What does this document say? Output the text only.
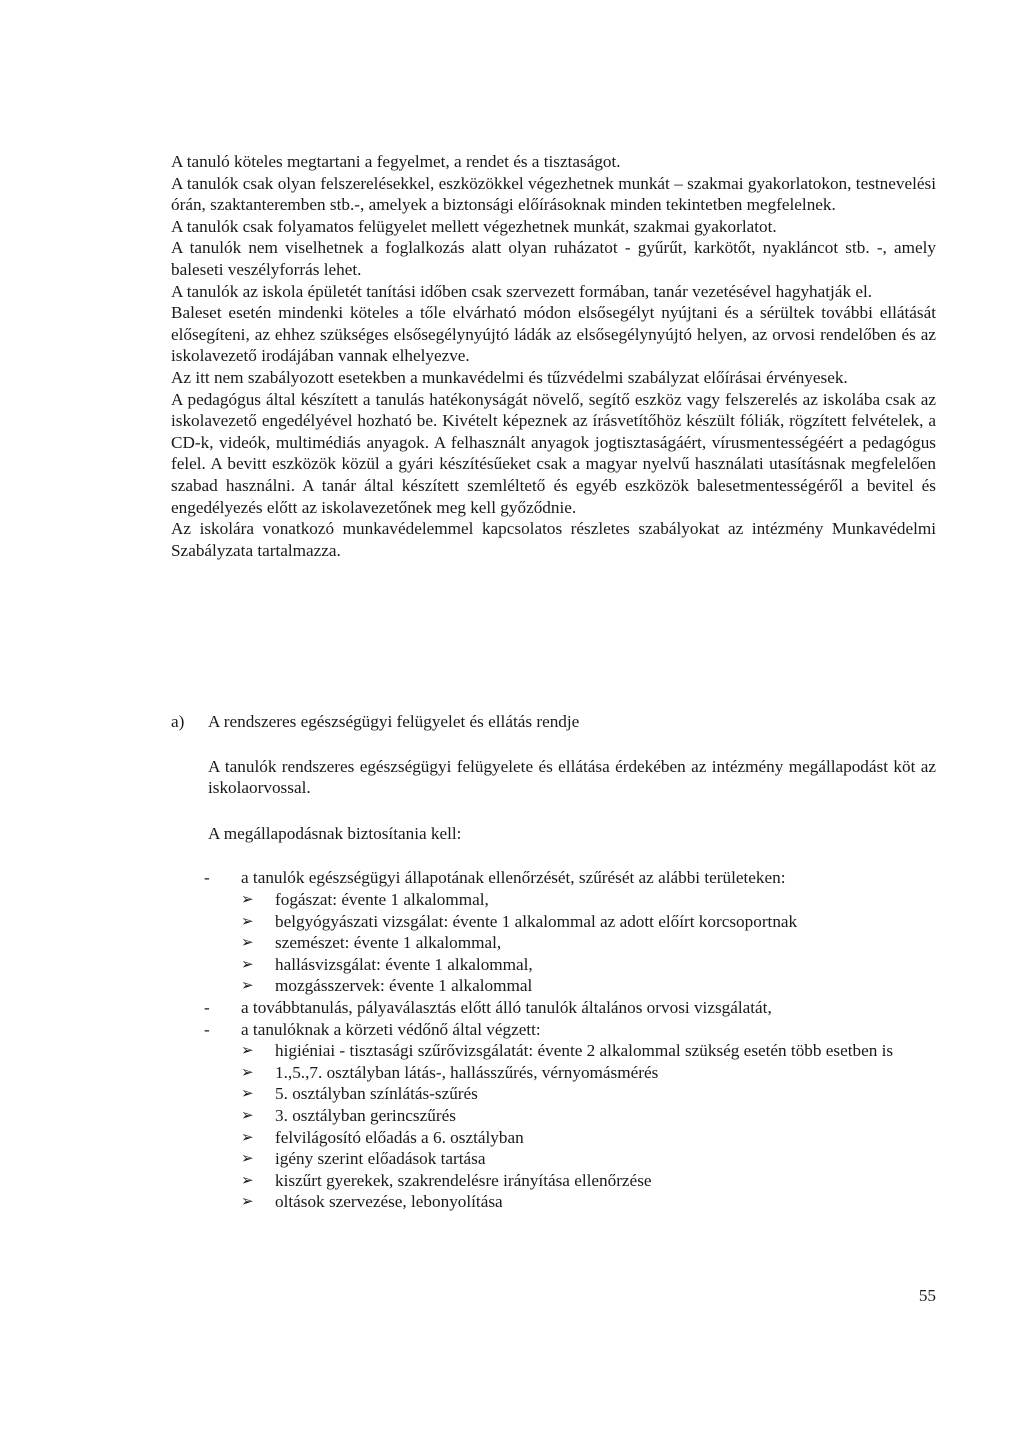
A tanuló köteles megtartani a fegyelmet, a rendet és a tisztaságot.

A tanulók csak olyan felszerelésekkel, eszközökkel végezhetnek munkát – szakmai gyakorlatokon, testnevelési órán, szaktanteremben stb.-, amelyek a biztonsági előírásoknak minden tekintetben megfelelnek.

A tanulók csak folyamatos felügyelet mellett végezhetnek munkát, szakmai gyakorlatot.

A tanulók nem viselhetnek a foglalkozás alatt olyan ruházatot - gyűrűt, karkötőt, nyakláncot stb. -, amely baleseti veszélyforrás lehet.

A tanulók az iskola épületét tanítási időben csak szervezett formában, tanár vezetésével hagyhatják el.

Baleset esetén mindenki köteles a tőle elvárható módon elsősegélyt nyújtani és a sérültek további ellátását elősegíteni, az ehhez szükséges elsősegélynyújtó ládák az elsősegélynyújtó helyen, az orvosi rendelőben és az iskolavezető irodájában vannak elhelyezve.

Az itt nem szabályozott esetekben a munkavédelmi és tűzvédelmi szabályzat előírásai érvényesek.

A pedagógus által készített a tanulás hatékonyságát növelő, segítő eszköz vagy felszerelés az iskolába csak az iskolavezető engedélyével hozható be. Kivételt képeznek az írásvetítőhöz készült fóliák, rögzített felvételek, a CD-k, videók, multimédiás anyagok. A felhasznált anyagok jogtisztaságáért, vírusmentességéért a pedagógus felel. A bevitt eszközök közül a gyári készítésűeket csak a magyar nyelvű használati utasításnak megfelelően szabad használni. A tanár által készített szemléltető és egyéb eszközök balesetmentességéről a bevitel és engedélyezés előtt az iskolavezetőnek meg kell győződnie.

Az iskolára vonatkozó munkavédelemmel kapcsolatos részletes szabályokat az intézmény Munkavédelmi Szabályzata tartalmazza.

a)	A rendszeres egészségügyi felügyelet és ellátás rendje

A tanulók rendszeres egészségügyi felügyelete és ellátása érdekében az intézmény megállapodást köt az iskolaorvossal.

A megállapodásnak biztosítania kell:

- a tanulók egészségügyi állapotának ellenőrzését, szűrését az alábbi területeken:
➢ fogászat: évente 1 alkalommal,
➢ belgyógyászati vizsgálat: évente 1 alkalommal az adott előírt korcsoportnak
➢ szemészet: évente 1 alkalommal,
➢ hallásvizsgálat: évente 1 alkalommal,
➢ mozgásszervek: évente 1 alkalommal
- a továbbtanulás, pályaválasztás előtt álló tanulók általános orvosi vizsgálatát,
- a tanulóknak a körzeti védőnő által végzett:
➢ higiéniai - tisztasági szűrővizsgálatát: évente 2 alkalommal szükség esetén több esetben is
➢ 1.,5.,7. osztályban látás-, hallásszűrés, vérnyomásmérés
➢ 5. osztályban színlátás-szűrés
➢ 3. osztályban gerincszűrés
➢ felvilágosító előadás a 6. osztályban
➢ igény szerint előadások tartása
➢ kiszűrt gyerekek, szakrendelésre irányítása ellenőrzése
➢ oltások szervezése, lebonyolítása
55
